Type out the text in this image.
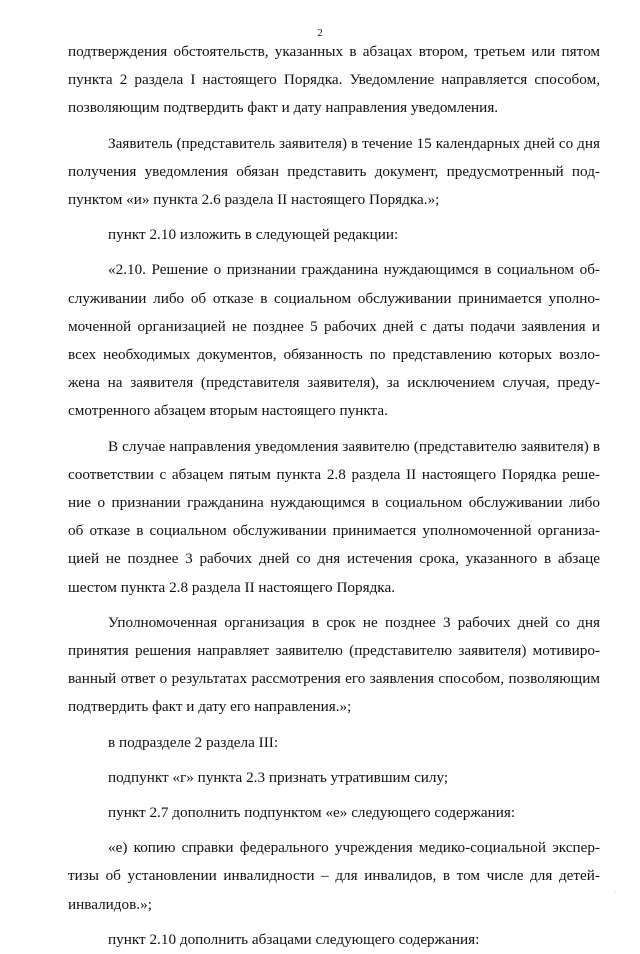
2

подтверждения обстоятельств, указанных в абзацах втором, третьем или пятом

пункта 2 раздела I настоящего Порядка. Уведомление направляется способом,

позволяющим подтвердить факт и дату направления уведомления.

Заявитель (представитель заявителя) в течение 15 календарных дней со дня

получения уведомления обязан представить документ, предусмотренный под-

пунктом «и» пункта 2.6 раздела II настоящего Порядка.»;

пункт 2.10 изложить в следующей редакции:

«2.10. Решение о признании гражданина нуждающимся в социальном об-

служивании либо об отказе в социальном обслуживании принимается уполно-

моченной организацией не позднее 5 рабочих дней с даты подачи заявления и

всех необходимых документов, обязанность по представлению которых возло-

жена на заявителя (представителя заявителя), за исключением случая, преду-

смотренного абзацем вторым настоящего пункта.

В случае направления уведомления заявителю (представителю заявителя) в

соответствии с абзацем пятым пункта 2.8 раздела II настоящего Порядка реше-

ние о признании гражданина нуждающимся в социальном обслуживании либо

об отказе в социальном обслуживании принимается уполномоченной организа-

цией не позднее 3 рабочих дней со дня истечения срока, указанного в абзаце

шестом пункта 2.8 раздела II настоящего Порядка.

Уполномоченная организация в срок не позднее 3 рабочих дней со дня

принятия решения направляет заявителю (представителю заявителя) мотивиро-

ванный ответ о результатах рассмотрения его заявления способом, позволяющим

подтвердить факт и дату его направления.»;

в подразделе 2 раздела III:

подпункт «г» пункта 2.3 признать утратившим силу;

пункт 2.7 дополнить подпунктом «е» следующего содержания:

«е) копию справки федерального учреждения медико-социальной экспер-

тизы об установлении инвалидности – для инвалидов, в том числе для детей-

инвалидов.»;

пункт 2.10 дополнить абзацами следующего содержания:

·
